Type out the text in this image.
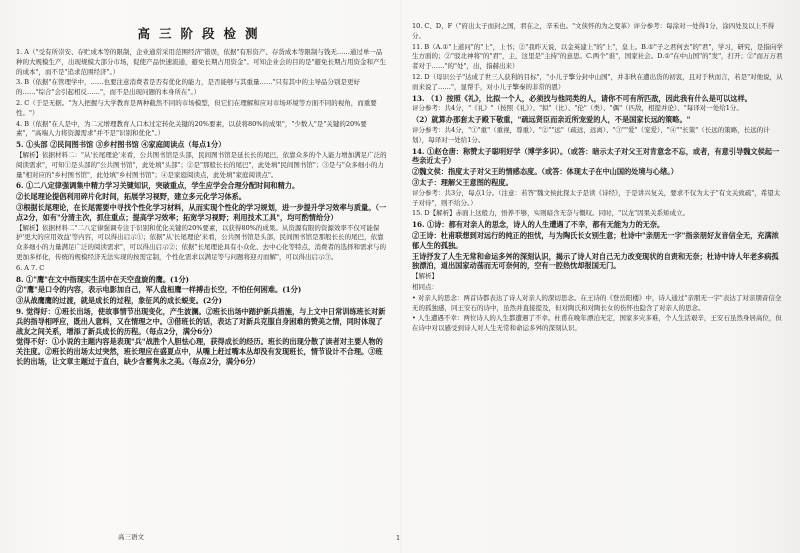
高三阶段检测

1. A（"受有所崇安、存贮成本等的限制，企业通常采用范围经济"错误，依据"有形资产、存货成本等限制与钱无……通过单一品种的大规模生产，出现规模大部分市场，促使产品快速流通，避免长期占用资金"。可知企业会的目的是"避免长期占用资金和产生的成本"，而不是"追求范围经济"。）

3. B（依据"在管理学中，……也要注意消费者是否有优化的能力，是否能够与其重量……"只有其中的主导品分别是更好的……"综合"会引起相反……"，而不是出现问题的本身所在"。）

2. C（于是无据。"为人把握与大学教育是两种截然不同的市场模型，但它们在理解和应对市场环境等方面不同的视角，而重要性。"）

4. B（依据"在人是中，为二元增理教育人口本过定转化关键的20%要素，以获将80%的成果"，"少数人"是"关键的20%要素"，"高端人力将资源需求"并不是"识别和优化"。）

5. ①头部 ②民间图书馆 ③乡村图书馆 ④家庭阅读点（每点1分）

【解析】依据材料二："从'长尾理论'来看，公共图书馆是头部，民间图书馆是延长长的尾巴，依靠众多的个人能力增加满足广泛的阅读需求"，可知①是头部的"公共图书馆"，此处填"头部"；②是"那般长长的尾巴"，此处填"民间图书馆"；③是与"众多细小的力量"相对应的"乡村图书馆"，此处填"乡村图书馆"；④是家庭阅读点，此处填"家庭阅读点"。

6. ①二八定律强调集中精力学习关键知识，突破重点，学生应学会合理分配时间和精力。

②长尾理论提倡利用碎片化时间，拓展学习视野，建立多元化学习体系。

③根据长尾理论，在长尾需要中寻找个性化学习材料，从而实现个性化的学习规划，进一步提升学习效率与质量。（一点2分，如有"分清主次，抓住重点；提高学习效率；拓宽学习视野；利用技术工具"，均可酌情给分）

【解析】依据材料二"二八定律强调专注于识别和优化关键的20%要素，以获得80%的成果。从资源有限的资源效率不仅可能保护'更大的应用效益'等内容，可以得出启示①；依据"从'长尾理论'来看，公共图书馆是头部，民间图书馆是那般长长的尾巴，依靠众多细小的力量满足广泛的阅读需求"，可以得出启示②；依据"长尾理论具有小众化、去中心化等特点，消费者的选择和需求与的更加多样化，传统的规模经济无法实现的按需定制，个性化需求以满足等与问题将迎刃而解"，可以得出启示③。

6. A 7. C

8. ①"鹰"在文中指现实生活中在天空盘旋的鹰。(1分)

②"鹰"是口令的内容，表示电影加自己，军人盘桓鹰一样搏击长空，不怕任何困难。(1分)

③从战鹰鹰的过渡，就是成长的过程，象征风的成长蜕变。(2分)

9. 觉得好：①班长出场，使故事情节出现变化，产生波澜。②班长出场中踏护新兵措施，与上文中日常训练班长对新兵的指导相呼应，既出人意料，又在情理之中。③借班长的话，表达了对新兵克服自身困难的赞美之情，同时体现了战友之间关系，增添了新兵成长的历程。（每点2分，满分6分）

觉得不好：①小说的主题内容是表现"兵"战胜个人胆怯心理，获得成长的经历。班长的出现分散了读者对主要人物的关注度。②班长的出场太过突然，班长理应在盛夏点中，从嘴上赶过嘴本丛却没有发现班长，情节设计不合理。③班长的出场，让文章主题过于直白，缺少含蓄隽永之美。（每点2分，满分6分）

10. C、D、F（"府出太子而封之国，君在之，辛禾也。"文侠怀的为之变革）评分参考：每涂对一处得1分，涂四处及以上不得分。

11. B（A.①"上道问"的"上"，上书；②"我昨天说，以金英建上"的"上"，皇上。B.①"子之君何去"的"君"，学习，研究，是指向学生方面的；②"驳北神将"的"君"，主，这里是"主持"的意思。C.两个"谁"，国家社会。D.①"在中山国"的"发"，打开；②"而万万君者对于……"的"处"，出，指赫出来）

12. D（母识公子"达成了世三人获利的目标"，"小儿子擎分封中山国"，并非秋在遭出货的初衷，且对于秋而言，若是"对他说，从而来说了……"，显帮手，对小儿子擎秦的非常的恩）

13. （1）按照《礼》，比拟一个人，必须找与他同类的人，请你不可有所匹敌，因此我有什么是可以这样。

评分参考：共4分，"《礼》"（按照《礼》）、"拟"（比）、"伦"（类）、"偶"（匹敌，相提并论）、"每译对一处给1分。

（2）就算办那套太子殿下敬重，"疏远贤臣而亲近所宠爱的人，不是国家长远的策略。"

评分参考：共4分，"①"重"（重视，尊重）、"②""远"（疏远，远离）、"③""爱"（宠爱）、"④""长策"（长远的策略，长远的计划），每译对一处给1分。

14. ①赵仓唐：称赞太子聪明好学（博学多识）。（或答：暗示太子对父王对肯意念不忘，或者，有意引导魏文侯起一些亲近太子）

②魏文侯：指度太子对父王的情感态度。（或答：体现太子在中山国的处境与心绪。）

③太子：理解父王意图的程度。

评分参考：共3分，每点1分。（注意：若答"魏文侯此探太子是读《诗经》，于是讲兴复关，要求不仅为太子"有文关致疏"，希望太子对待"，则不给分。）

15. D【解析】赤面上这般力，悟养不够，实则暗含无奈与慨叹。同时，"以龙"因果关系矫成立。

16. ①诗：都有对亲人的思念，诗人的人生遭遇了不幸，都有无能为力的无奈。

②王诗：杜甫联想到对远行的纯正的担忧，与为陶氏长女别生意；杜诗中"亲朋无一字"指亲朋好友音信全无，充满浓郁人生的孤独。

王诗抒发了人生无常和命运多舛的深刻认识，揭示了诗人对自己无力改变现状的自责和无奈；杜诗中诗人年老多病孤独漂泊，道出国家动荡而无可奈何的，空有一腔热忱却报国无门。

【解析】

相同点：

• 对亲人的思念：两首诗都表达了诗人对亲人的深切思念。在王诗的《登岳阳楼》中，诗人通过"亲朋无一字"表达了对亲朋音信全无的孤独感，同王安石的诗中，虽然并直接提及，但对陶氏和对陶长女的伤怀也隐含了对亲人的思念。

• 人生遭遇不幸：两位诗人的人生都遭遇了不幸。杜甫在晚年漂泊无定，国家多灾多难，个人生活艰辛，王安石虽然身居高位，但在诗中对以感受到诗人对人生无常和命运多舛的深刻认识。

高三语文	1
